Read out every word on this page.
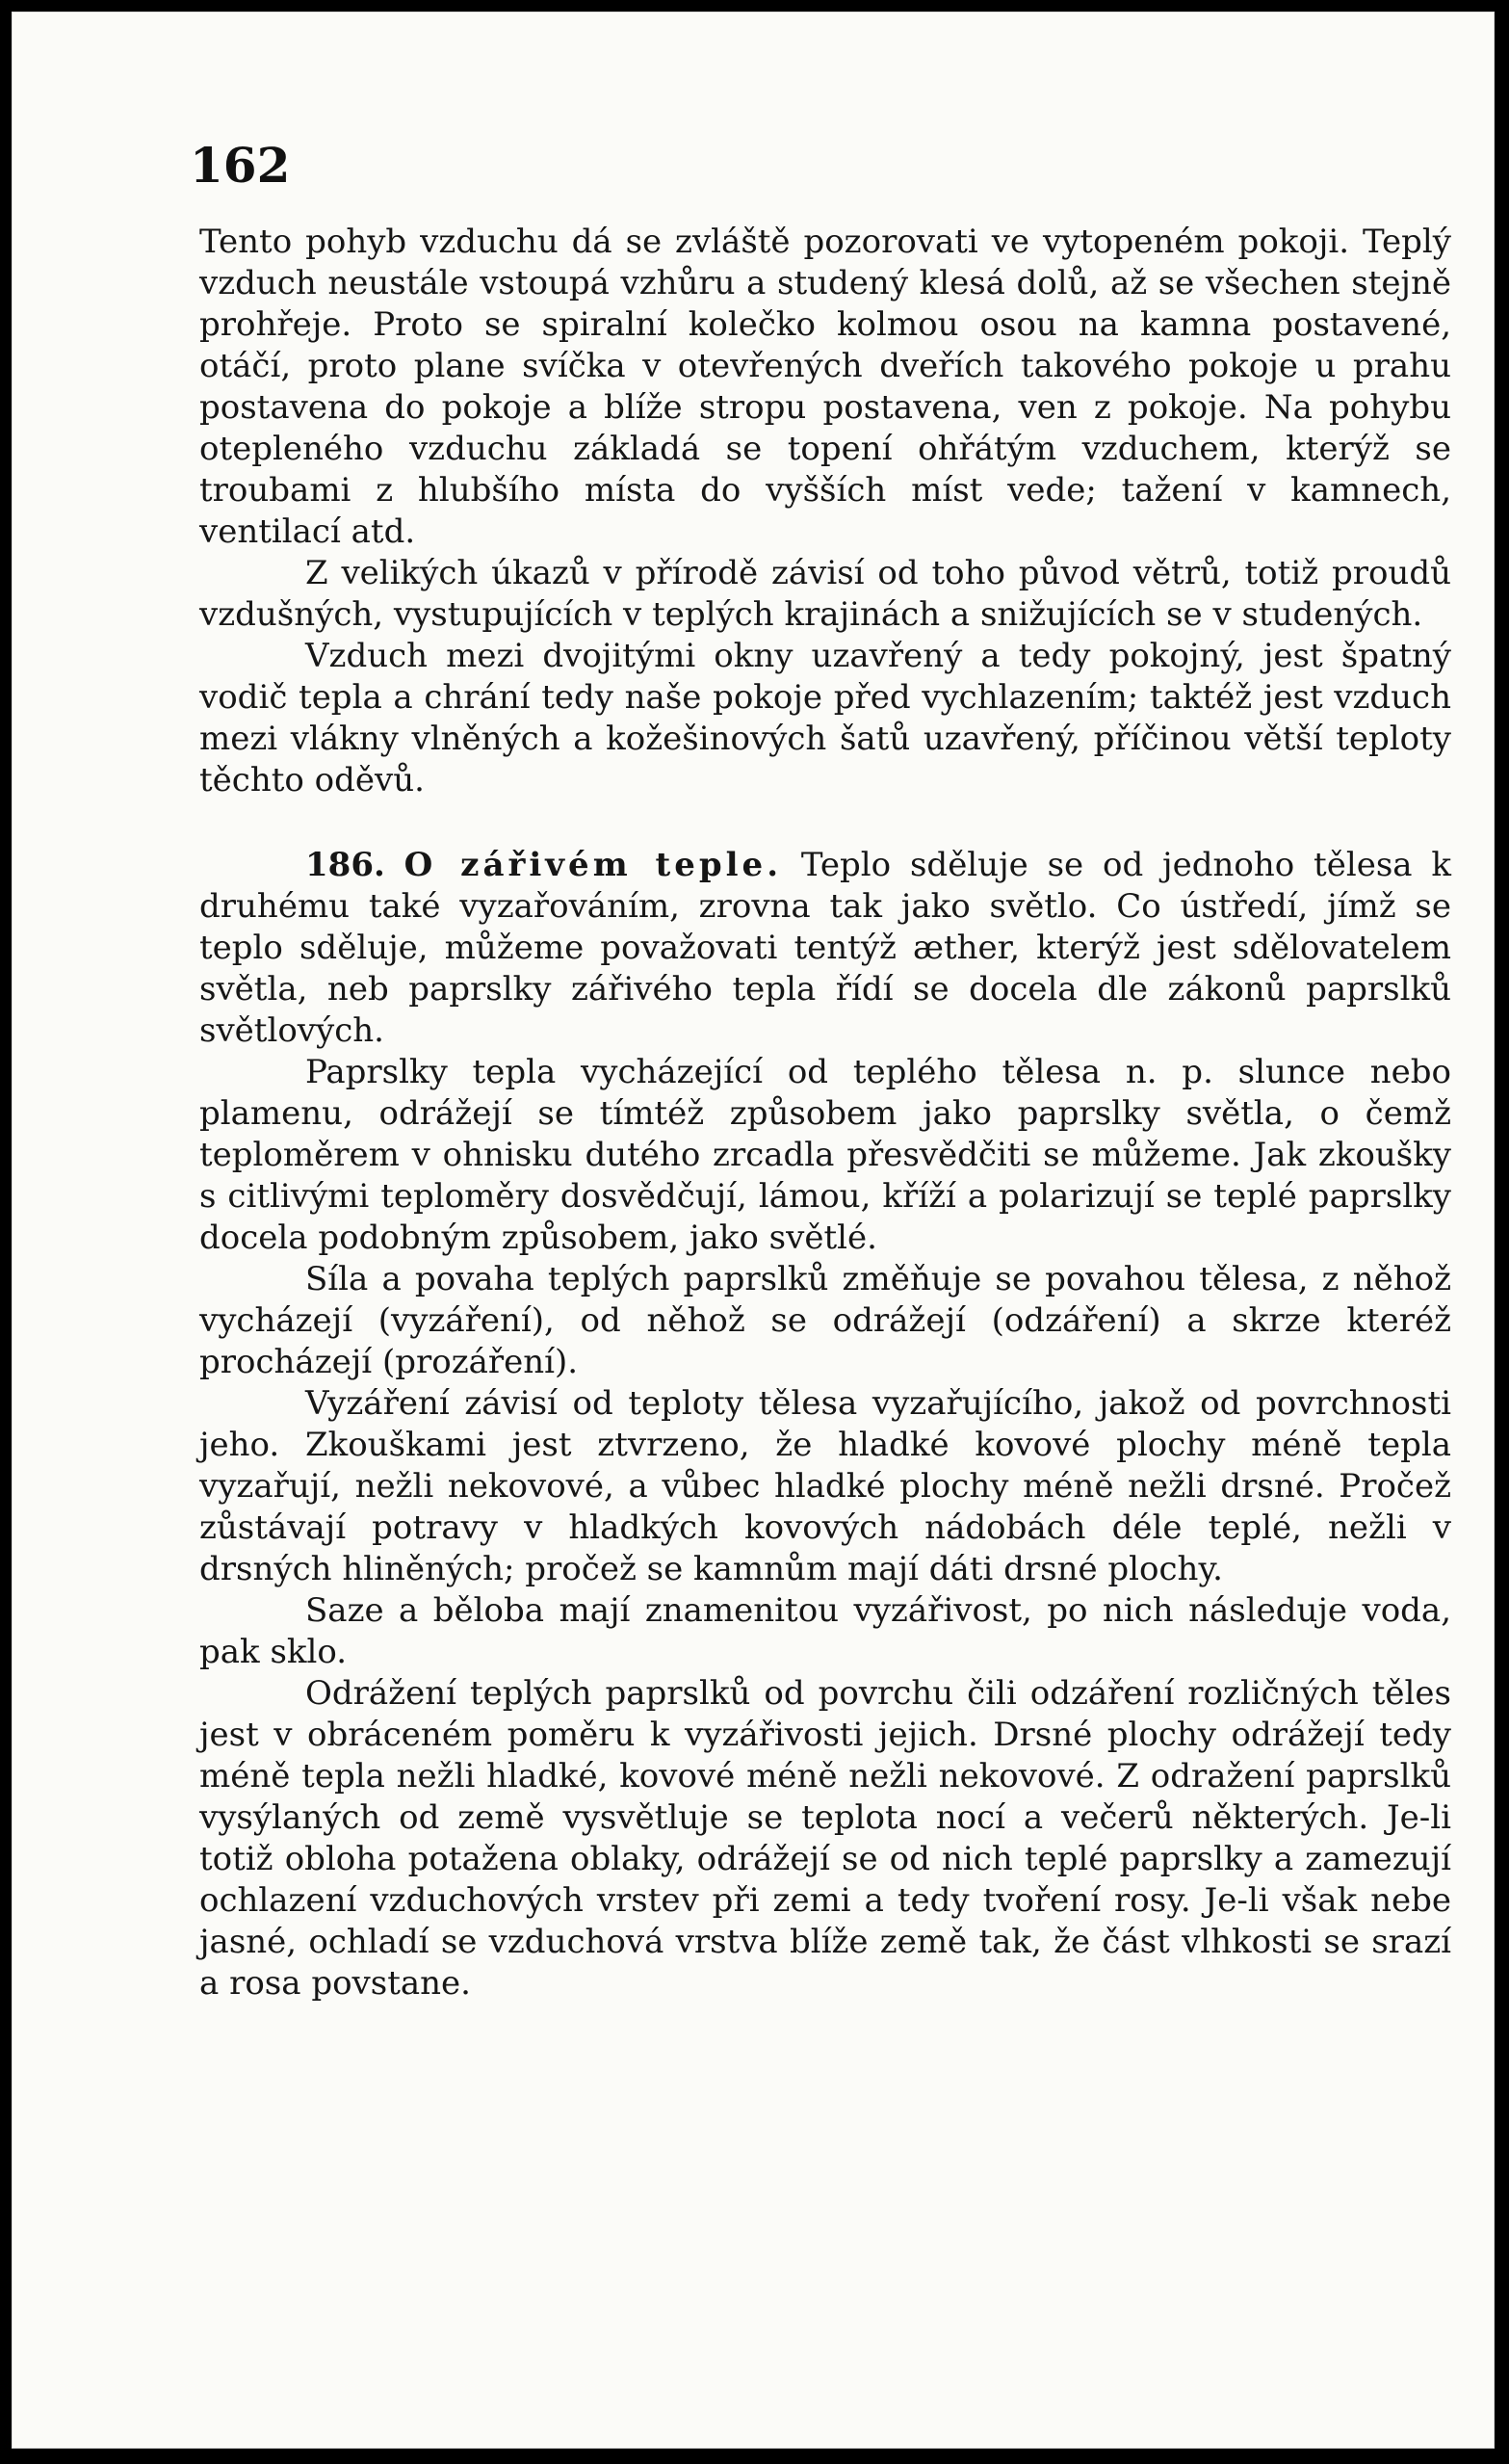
162

Tento pohyb vzduchu dá se zvláště pozorovati ve vytopeném pokoji. Teplý vzduch neustále vstoupá vzhůru a studený klesá dolů, až se všechen stejně prohřeje. Proto se spiralní kolečko kolmou osou na kamna postavené, otáčí, proto plane svíčka v otevřených dveřích takového pokoje u prahu postavena do pokoje a blíže stropu postavena, ven z pokoje. Na pohybu otepleného vzduchu základá se topení ohřátým vzduchem, kterýž se troubami z hlubšího místa do vyšších míst vede; tažení v kamnech, ventilací atd.

Z velikých úkazů v přírodě závisí od toho původ větrů, totiž proudů vzdušných, vystupujících v teplých krajinách a snižujících se v studených.

Vzduch mezi dvojitými okny uzavřený a tedy pokojný, jest špatný vodič tepla a chrání tedy naše pokoje před vychlazením; taktéž jest vzduch mezi vlákny vlněných a kožešinových šatů uzavřený, příčinou větší teploty těchto oděvů.

186. O zářivém teple. Teplo sděluje se od jednoho tělesa k druhému také vyzařováním, zrovna tak jako světlo. Co ústředí, jímž se teplo sděluje, můžeme považovati tentýž æther, kterýž jest sdělovatelem světla, neb paprslky zářivého tepla řídí se docela dle zákonů paprslků světlových.

Paprslky tepla vycházející od teplého tělesa n. p. slunce nebo plamenu, odrážejí se tímtéž způsobem jako paprslky světla, o čemž teploměrem v ohnisku dutého zrcadla přesvědčiti se můžeme. Jak zkoušky s citlivými teploměry dosvědčují, lámou, kříží a polarizují se teplé paprslky docela podobným způsobem, jako světlé.

Síla a povaha teplých paprslků změňuje se povahou tělesa, z něhož vycházejí (vyzáření), od něhož se odrážejí (odzáření) a skrze kteréž procházejí (prozáření).

Vyzáření závisí od teploty tělesa vyzařujícího, jakož od povrchnosti jeho. Zkouškami jest ztvrzeno, že hladké kovové plochy méně tepla vyzařují, nežli nekovové, a vůbec hladké plochy méně nežli drsné. Pročež zůstávají potravy v hladkých kovových nádobách déle teplé, nežli v drsných hliněných; pročež se kamnům mají dáti drsné plochy.

Saze a běloba mají znamenitou vyzářivost, po nich následuje voda, pak sklo.

Odrážení teplých paprslků od povrchu čili odzáření rozličných těles jest v obráceném poměru k vyzářivosti jejich. Drsné plochy odrážejí tedy méně tepla nežli hladké, kovové méně nežli nekovové. Z odražení paprslků vysýlaných od země vysvětluje se teplota nocí a večerů některých. Je-li totiž obloha potažena oblaky, odrážejí se od nich teplé paprslky a zamezují ochlazení vzduchových vrstev při zemi a tedy tvoření rosy. Je-li však nebe jasné, ochladí se vzduchová vrstva blíže země tak, že část vlhkosti se srazí a rosa povstane.
